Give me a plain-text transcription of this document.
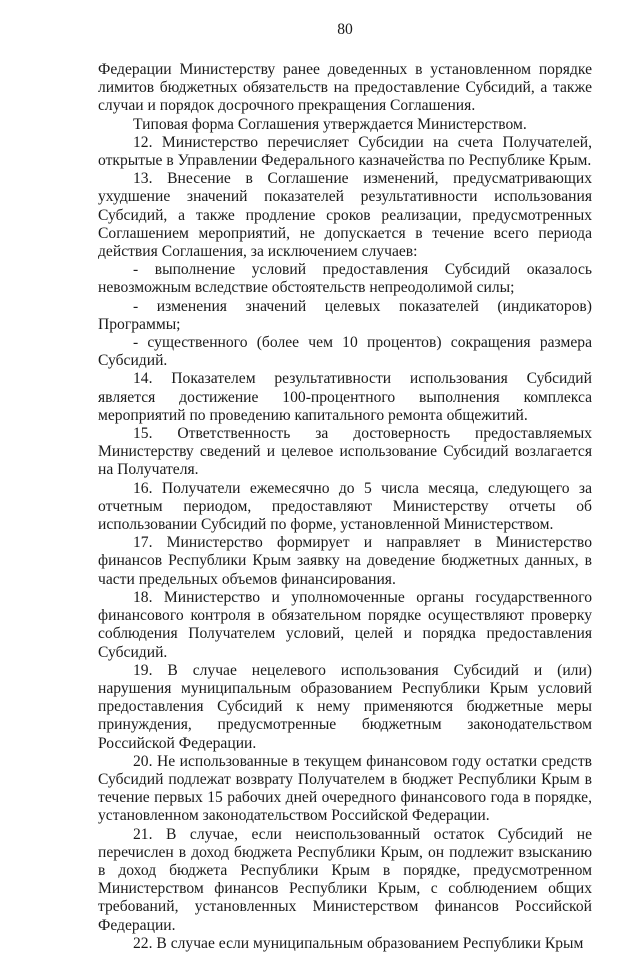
80

Федерации Министерству ранее доведенных в установленном порядке лимитов бюджетных обязательств на предоставление Субсидий, а также случаи и порядок досрочного прекращения Соглашения.

Типовая форма Соглашения утверждается Министерством.

12. Министерство перечисляет Субсидии на счета Получателей, открытые в Управлении Федерального казначейства по Республике Крым.

13. Внесение в Соглашение изменений, предусматривающих ухудшение значений показателей результативности использования Субсидий, а также продление сроков реализации, предусмотренных Соглашением мероприятий, не допускается в течение всего периода действия Соглашения, за исключением случаев:

- выполнение условий предоставления Субсидий оказалось невозможным вследствие обстоятельств непреодолимой силы;

- изменения значений целевых показателей (индикаторов) Программы;

- существенного (более чем 10 процентов) сокращения размера Субсидий.

14. Показателем результативности использования Субсидий является достижение 100-процентного выполнения комплекса мероприятий по проведению капитального ремонта общежитий.

15. Ответственность за достоверность предоставляемых Министерству сведений и целевое использование Субсидий возлагается на Получателя.

16. Получатели ежемесячно до 5 числа месяца, следующего за отчетным периодом, предоставляют Министерству отчеты об использовании Субсидий по форме, установленной Министерством.

17. Министерство формирует и направляет в Министерство финансов Республики Крым заявку на доведение бюджетных данных, в части предельных объемов финансирования.

18. Министерство и уполномоченные органы государственного финансового контроля в обязательном порядке осуществляют проверку соблюдения Получателем условий, целей и порядка предоставления Субсидий.

19. В случае нецелевого использования Субсидий и (или) нарушения муниципальным образованием Республики Крым условий предоставления Субсидий к нему применяются бюджетные меры принуждения, предусмотренные бюджетным законодательством Российской Федерации.

20. Не использованные в текущем финансовом году остатки средств Субсидий подлежат возврату Получателем в бюджет Республики Крым в течение первых 15 рабочих дней очередного финансового года в порядке, установленном законодательством Российской Федерации.

21. В случае, если неиспользованный остаток Субсидий не перечислен в доход бюджета Республики Крым, он подлежит взысканию в доход бюджета Республики Крым в порядке, предусмотренном Министерством финансов Республики Крым, с соблюдением общих требований, установленных Министерством финансов Российской Федерации.

22. В случае если муниципальным образованием Республики Крым
